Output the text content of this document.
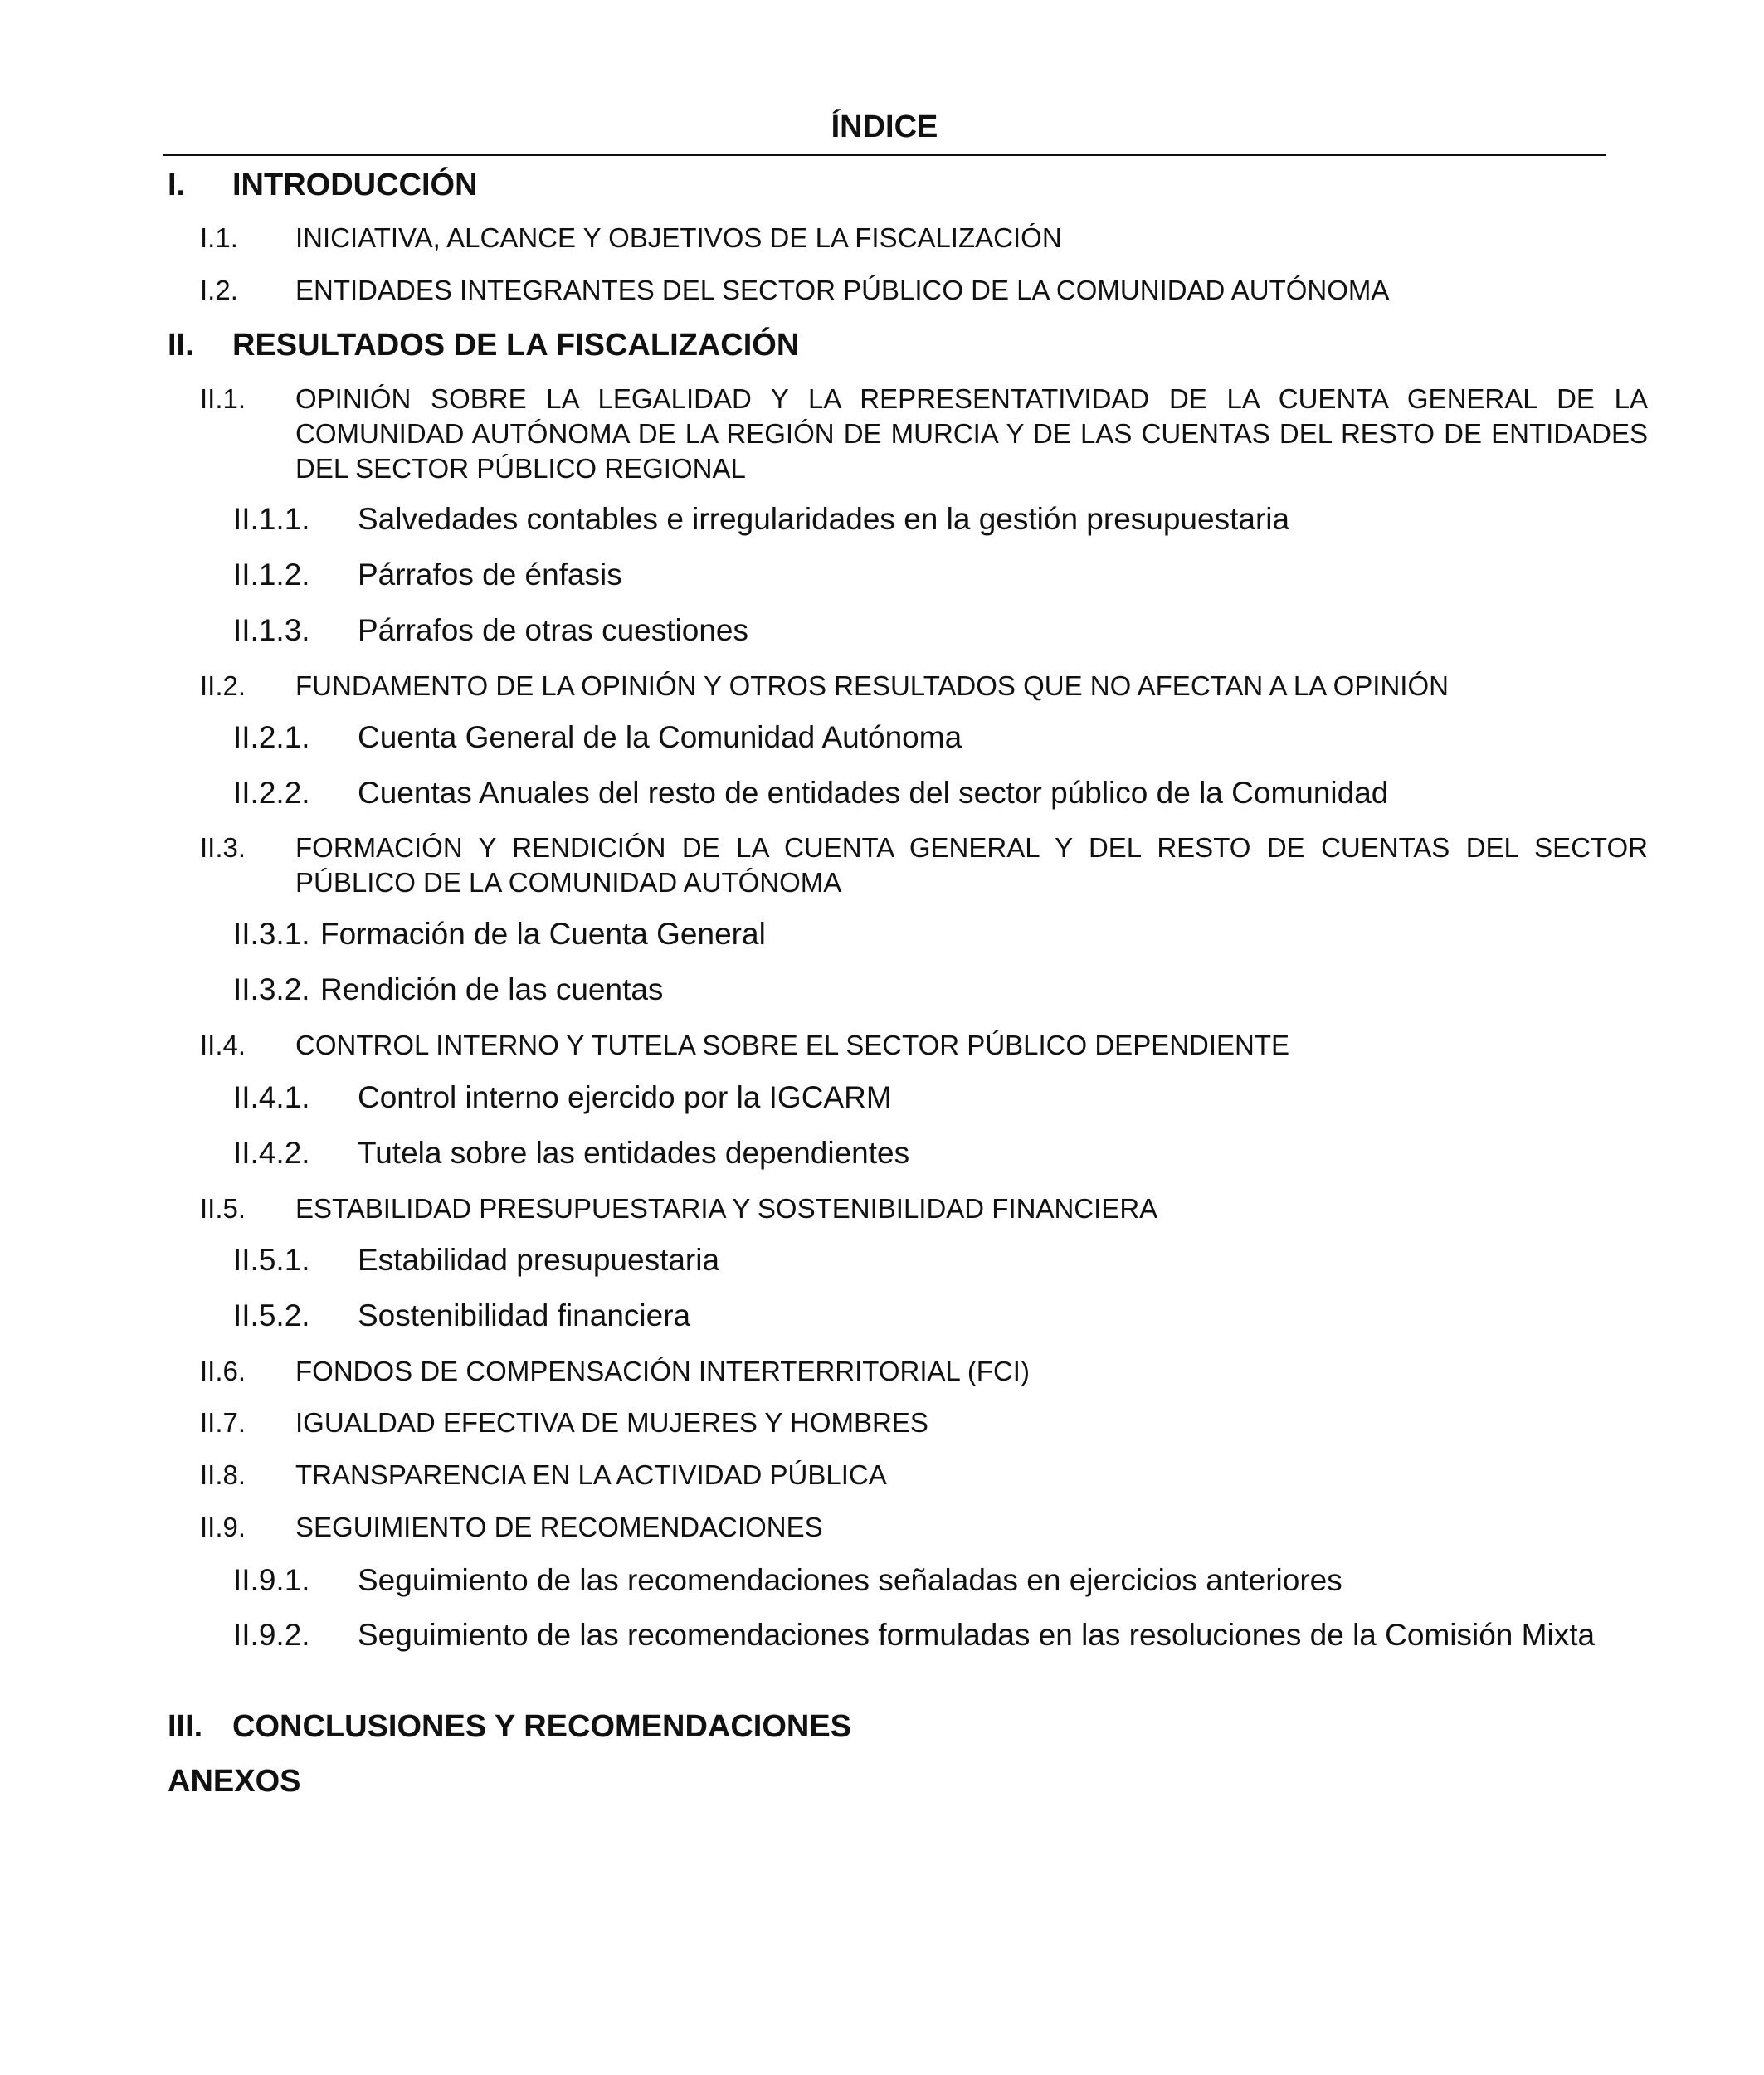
ÍNDICE
I. INTRODUCCIÓN
I.1. INICIATIVA, ALCANCE Y OBJETIVOS DE LA FISCALIZACIÓN
I.2. ENTIDADES INTEGRANTES DEL SECTOR PÚBLICO DE LA COMUNIDAD AUTÓNOMA
II. RESULTADOS DE LA FISCALIZACIÓN
II.1. OPINIÓN SOBRE LA LEGALIDAD Y LA REPRESENTATIVIDAD DE LA CUENTA GENERAL DE LA COMUNIDAD AUTÓNOMA DE LA REGIÓN DE MURCIA Y DE LAS CUENTAS DEL RESTO DE ENTIDADES DEL SECTOR PÚBLICO REGIONAL
II.1.1. Salvedades contables e irregularidades en la gestión presupuestaria
II.1.2. Párrafos de énfasis
II.1.3. Párrafos de otras cuestiones
II.2. FUNDAMENTO DE LA OPINIÓN Y OTROS RESULTADOS QUE NO AFECTAN A LA OPINIÓN
II.2.1. Cuenta General de la Comunidad Autónoma
II.2.2. Cuentas Anuales del resto de entidades del sector público de la Comunidad
II.3. FORMACIÓN Y RENDICIÓN DE LA CUENTA GENERAL Y DEL RESTO DE CUENTAS DEL SECTOR PÚBLICO DE LA COMUNIDAD AUTÓNOMA
II.3.1. Formación de la Cuenta General
II.3.2. Rendición de las cuentas
II.4. CONTROL INTERNO Y TUTELA SOBRE EL SECTOR PÚBLICO DEPENDIENTE
II.4.1. Control interno ejercido por la IGCARM
II.4.2. Tutela sobre las entidades dependientes
II.5. ESTABILIDAD PRESUPUESTARIA Y SOSTENIBILIDAD FINANCIERA
II.5.1. Estabilidad presupuestaria
II.5.2. Sostenibilidad financiera
II.6. FONDOS DE COMPENSACIÓN INTERTERRITORIAL (FCI)
II.7. IGUALDAD EFECTIVA DE MUJERES Y HOMBRES
II.8. TRANSPARENCIA EN LA ACTIVIDAD PÚBLICA
II.9. SEGUIMIENTO DE RECOMENDACIONES
II.9.1. Seguimiento de las recomendaciones señaladas en ejercicios anteriores
II.9.2. Seguimiento de las recomendaciones formuladas en las resoluciones de la Comisión Mixta
III. CONCLUSIONES Y RECOMENDACIONES
ANEXOS
